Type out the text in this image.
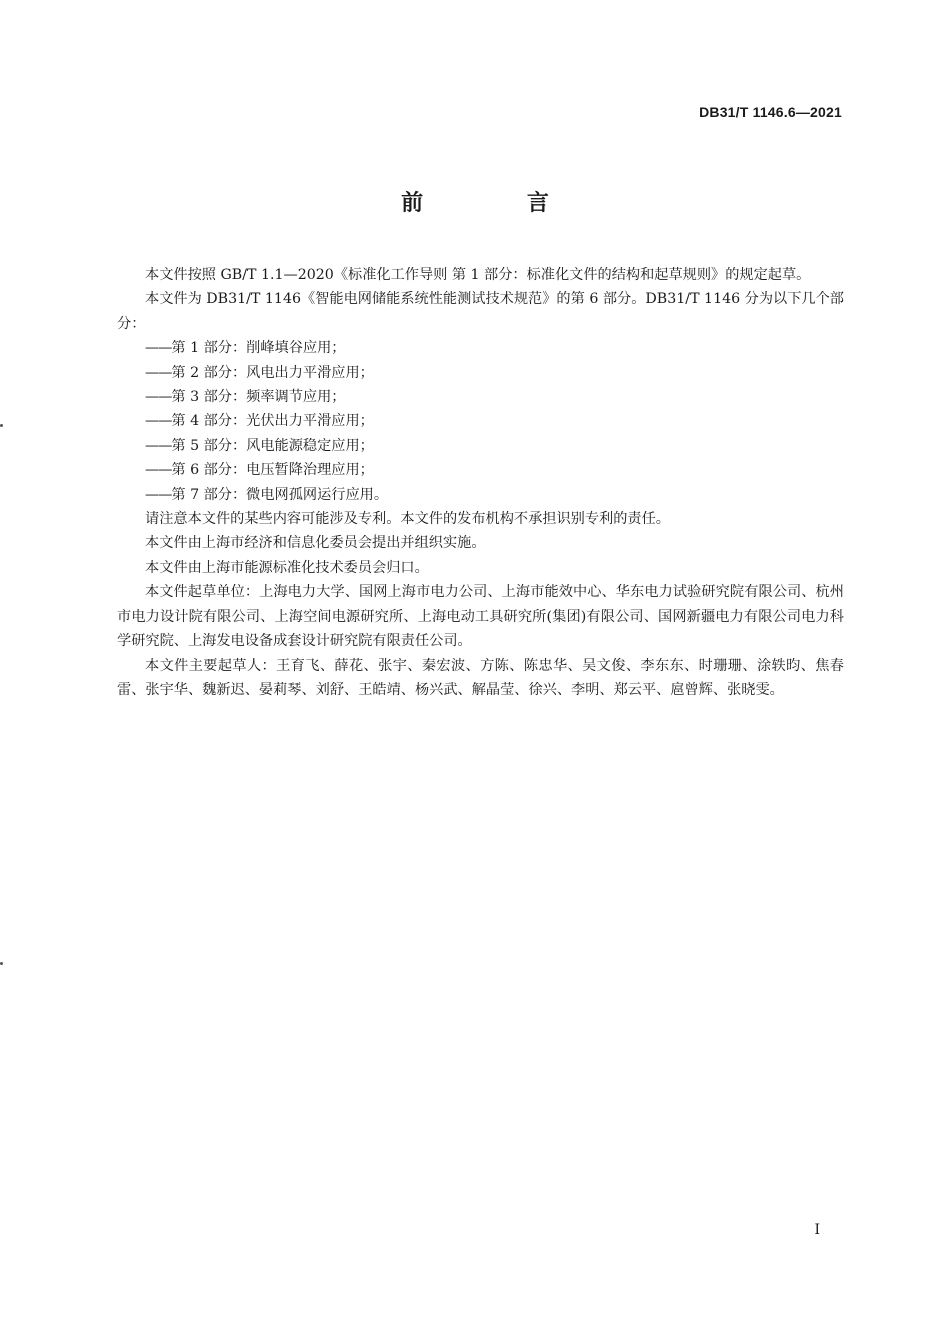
DB31/T 1146.6—2021
前 言

本文件按照 GB/T 1.1—2020《标准化工作导则 第 1 部分：标准化文件的结构和起草规则》的规定起草。

本文件为 DB31/T 1146《智能电网储能系统性能测试技术规范》的第 6 部分。DB31/T 1146 分为以下几个部分：

——第 1 部分：削峰填谷应用；

——第 2 部分：风电出力平滑应用；

——第 3 部分：频率调节应用；

——第 4 部分：光伏出力平滑应用；

——第 5 部分：风电能源稳定应用；

——第 6 部分：电压暂降治理应用；

——第 7 部分：微电网孤网运行应用。

请注意本文件的某些内容可能涉及专利。本文件的发布机构不承担识别专利的责任。

本文件由上海市经济和信息化委员会提出并组织实施。

本文件由上海市能源标准化技术委员会归口。

本文件起草单位：上海电力大学、国网上海市电力公司、上海市能效中心、华东电力试验研究院有限公司、杭州市电力设计院有限公司、上海空间电源研究所、上海电动工具研究所(集团)有限公司、国网新疆电力有限公司电力科学研究院、上海发电设备成套设计研究院有限责任公司。

本文件主要起草人：王育飞、薛花、张宇、秦宏波、方陈、陈忠华、吴文俊、李东东、时珊珊、涂轶昀、焦春雷、张宇华、魏新迟、晏莉琴、刘舒、王皓靖、杨兴武、解晶莹、徐兴、李明、郑云平、扈曾辉、张晓雯。

I
